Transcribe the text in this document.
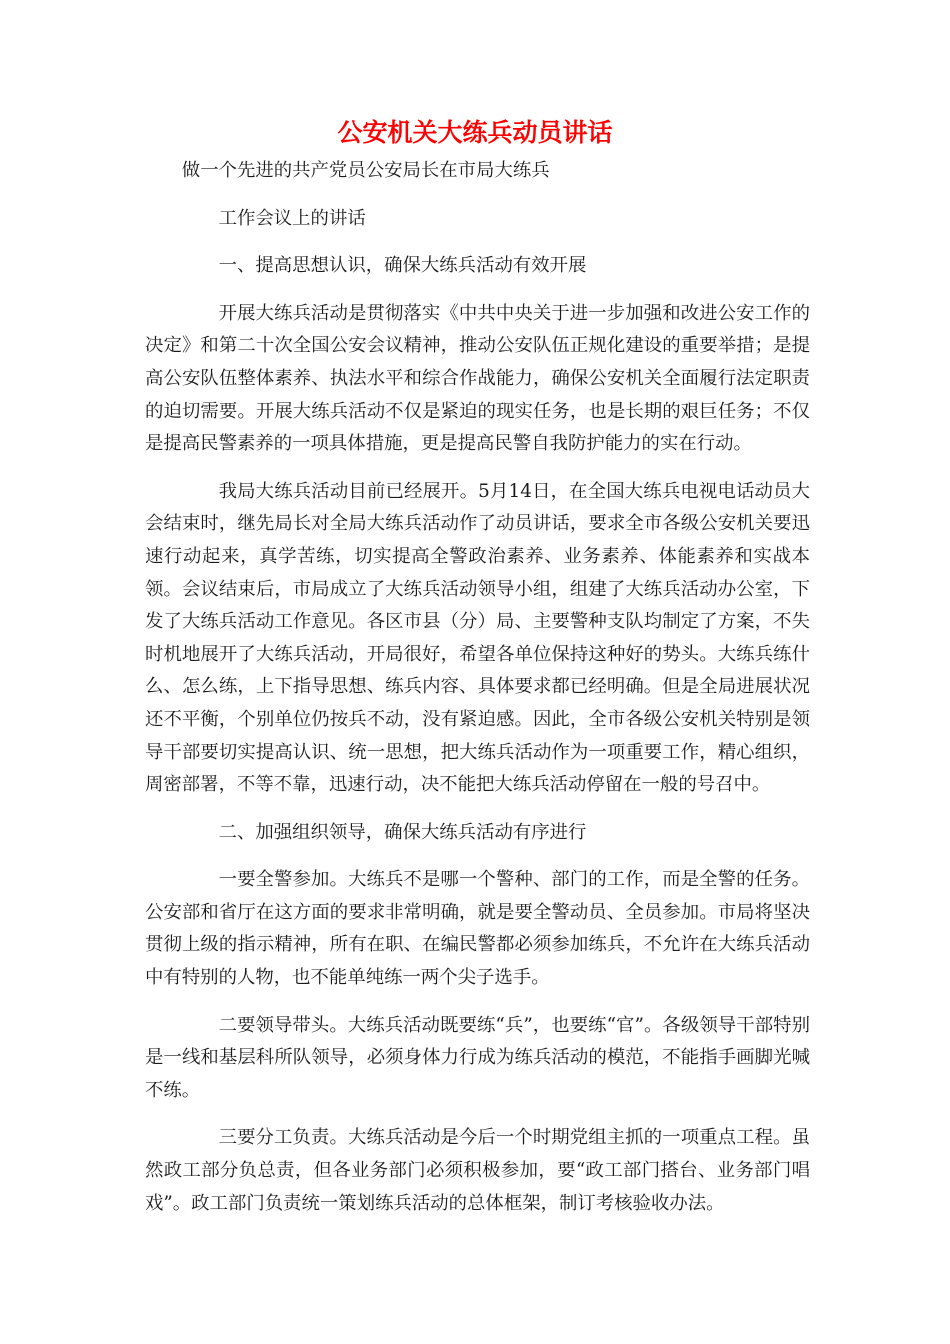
公安机关大练兵动员讲话

做一个先进的共产党员公安局长在市局大练兵

工作会议上的讲话

一、提高思想认识，确保大练兵活动有效开展

开展大练兵活动是贯彻落实《中共中央关于进一步加强和改进公安工作的决定》和第二十次全国公安会议精神，推动公安队伍正规化建设的重要举措；是提高公安队伍整体素养、执法水平和综合作战能力，确保公安机关全面履行法定职责的迫切需要。开展大练兵活动不仅是紧迫的现实任务，也是长期的艰巨任务；不仅是提高民警素养的一项具体措施，更是提高民警自我防护能力的实在行动。

我局大练兵活动目前已经展开。5月14日，在全国大练兵电视电话动员大会结束时，继先局长对全局大练兵活动作了动员讲话，要求全市各级公安机关要迅速行动起来，真学苦练，切实提高全警政治素养、业务素养、体能素养和实战本领。会议结束后，市局成立了大练兵活动领导小组，组建了大练兵活动办公室，下发了大练兵活动工作意见。各区市县（分）局、主要警种支队均制定了方案，不失时机地展开了大练兵活动，开局很好，希望各单位保持这种好的势头。大练兵练什么、怎么练，上下指导思想、练兵内容、具体要求都已经明确。但是全局进展状况还不平衡，个别单位仍按兵不动，没有紧迫感。因此，全市各级公安机关特别是领导干部要切实提高认识、统一思想，把大练兵活动作为一项重要工作，精心组织，周密部署，不等不靠，迅速行动，决不能把大练兵活动停留在一般的号召中。

二、加强组织领导，确保大练兵活动有序进行

一要全警参加。大练兵不是哪一个警种、部门的工作，而是全警的任务。公安部和省厅在这方面的要求非常明确，就是要全警动员、全员参加。市局将坚决贯彻上级的指示精神，所有在职、在编民警都必须参加练兵，不允许在大练兵活动中有特别的人物，也不能单纯练一两个尖子选手。

二要领导带头。大练兵活动既要练“兵”，也要练“官”。各级领导干部特别是一线和基层科所队领导，必须身体力行成为练兵活动的模范，不能指手画脚光喊不练。

三要分工负责。大练兵活动是今后一个时期党组主抓的一项重点工程。虽然政工部分负总责，但各业务部门必须积极参加，要“政工部门搭台、业务部门唱戏”。政工部门负责统一策划练兵活动的总体框架，制订考核验收办法。
